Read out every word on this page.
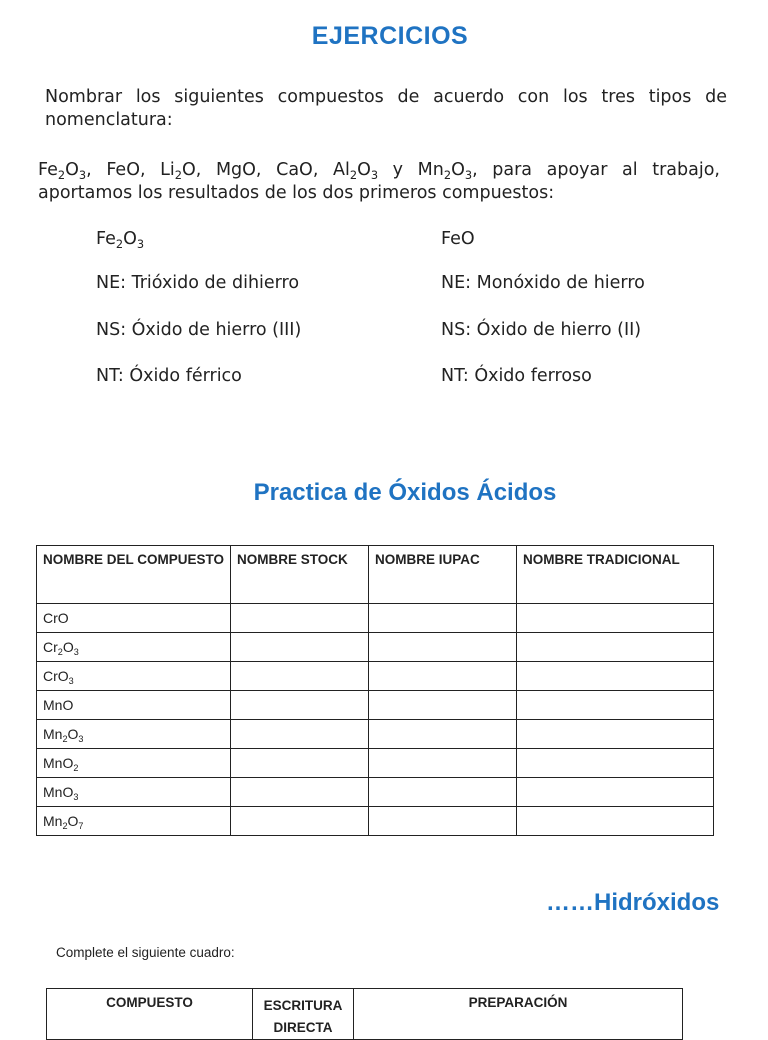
EJERCICIOS
Nombrar los siguientes compuestos de acuerdo con los tres tipos de nomenclatura:
$Fe_2O_3$, FeO, $Li_2O$, MgO, CaO, $Al_2O_3$ y $Mn_2O_3$, para apoyar al trabajo, aportamos los resultados de los dos primeros compuestos:
$Fe_2O_3$
NE: Trióxido de dihierro
NS: Óxido de hierro (III)
NT: Óxido férrico
FeO
NE: Monóxido de hierro
NS: Óxido de hierro (II)
NT: Óxido ferroso
Practica de Óxidos Ácidos
NOMBRE DEL COMPUESTO	NOMBRE STOCK	NOMBRE IUPAC	NOMBRE TRADICIONAL
CrO			
$Cr_2O_3$			
CrO$_3$			
MnO			
$Mn_2O_3$			
MnO$_2$			
MnO$_3$			
$Mn_2O_7$			
……Hidróxidos
Complete el siguiente cuadro:
COMPUESTO	ESCRITURA DIRECTA	PREPARACIÓN
